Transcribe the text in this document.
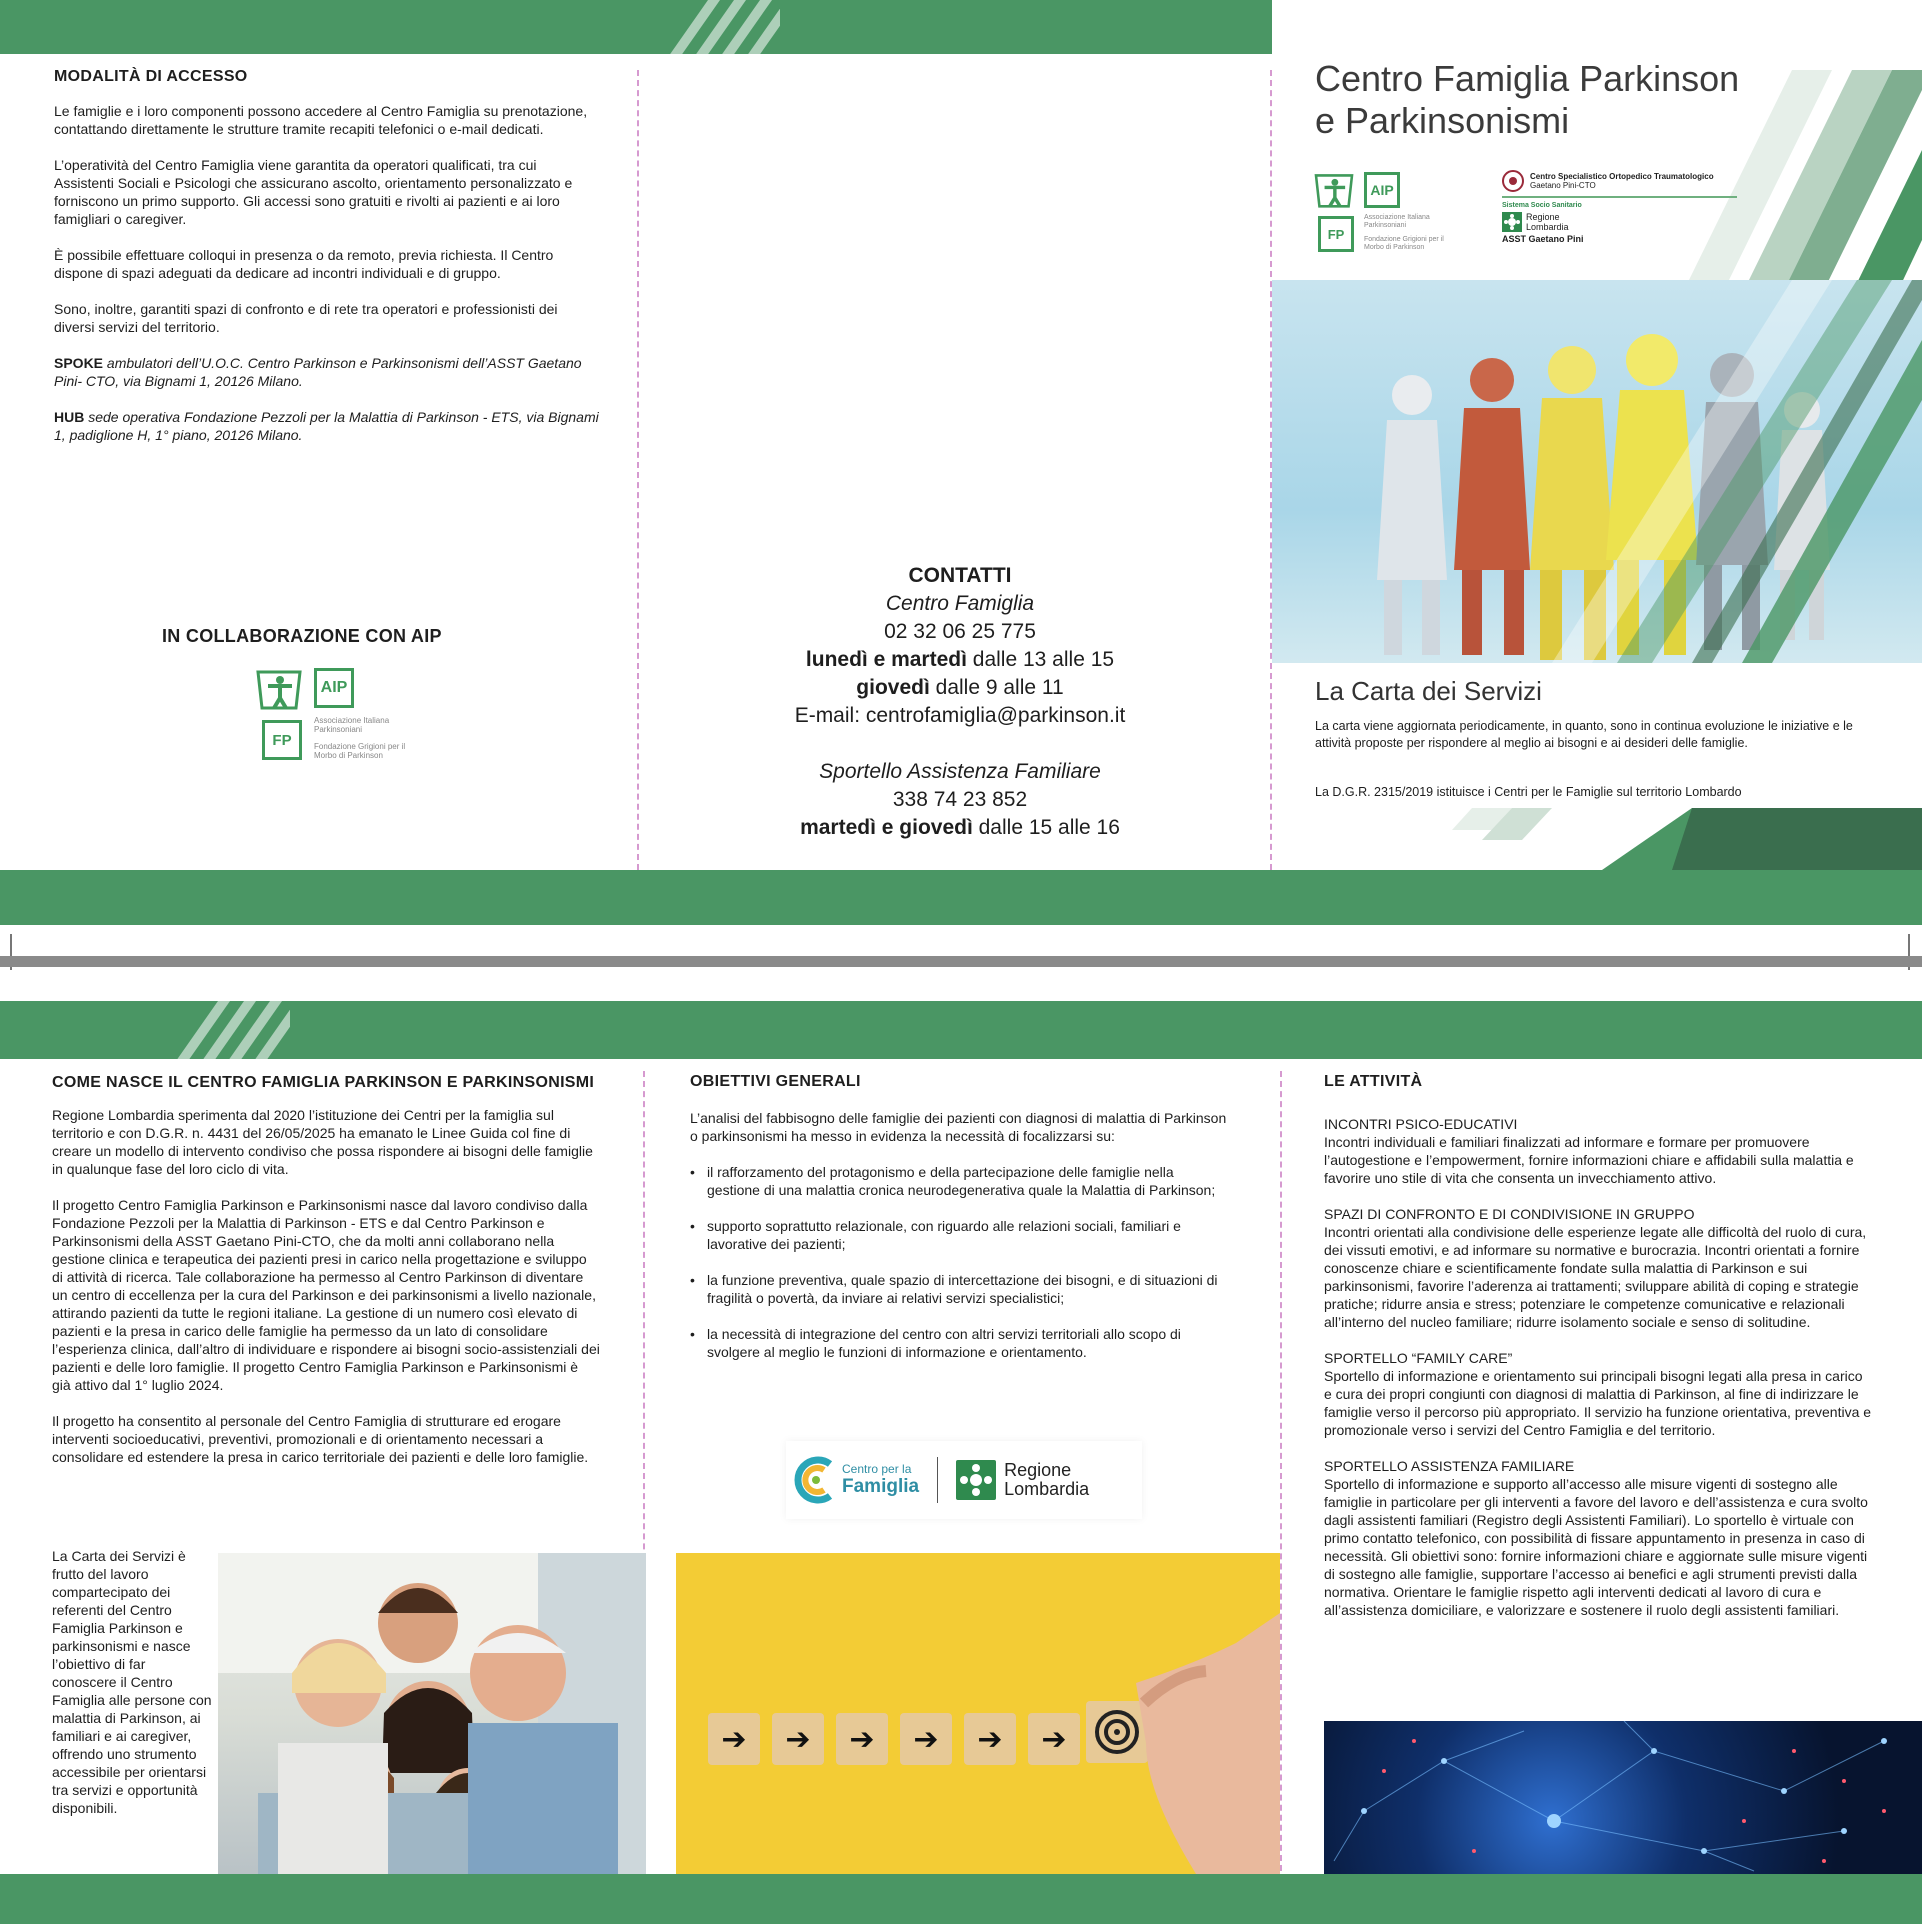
MODALITÀ DI ACCESSO

Le famiglie e i loro componenti possono accedere al Centro Famiglia su prenotazione, contattando direttamente le strutture tramite recapiti telefonici o e-mail dedicati.

L’operatività del Centro Famiglia viene garantita da operatori qualificati, tra cui Assistenti Sociali e Psicologi che assicurano ascolto, orientamento personalizzato e forniscono un primo supporto. Gli accessi sono gratuiti e rivolti ai pazienti e ai loro famigliari o caregiver.

È possibile effettuare colloqui in presenza o da remoto, previa richiesta. Il Centro dispone di spazi adeguati da dedicare ad incontri individuali e di gruppo.

Sono, inoltre, garantiti spazi di confronto e di rete tra operatori e professionisti dei diversi servizi del territorio.

SPOKE ambulatori dell’U.O.C. Centro Parkinson e Parkinsonismi dell’ASST Gaetano Pini- CTO, via Bignami 1, 20126 Milano.

HUB sede operativa Fondazione Pezzoli per la Malattia di Parkinson - ETS, via Bignami 1, padiglione H, 1° piano, 20126 Milano.

IN COLLABORAZIONE CON AIP
AIP
Associazione Italiana Parkinsoniani
FP	Fondazione Grigioni per il Morbo di Parkinson
CONTATTI
Centro Famiglia
02 32 06 25 775
lunedì e martedì dalle 13 alle 15
giovedì dalle 9 alle 11
E-mail: centrofamiglia@parkinson.it
Sportello Assistenza Familiare
338 74 23 852
martedì e giovedì dalle 15 alle 16
Centro Famiglia Parkinson
e Parkinsonismi
AIP
Associazione Italiana Parkinsoniani
FP	Fondazione Grigioni per il Morbo di Parkinson
Centro Specialistico Ortopedico Traumatologico
Gaetano Pini-CTO
Sistema Socio Sanitario
Regione
Lombardia
ASST Gaetano Pini
La Carta dei Servizi
La carta viene aggiornata periodicamente, in quanto, sono in continua evoluzione le iniziative e le attività proposte per rispondere al meglio ai bisogni e ai desideri delle famiglie.
La D.G.R. 2315/2019 istituisce i Centri per le Famiglie sul territorio Lombardo
COME NASCE IL CENTRO FAMIGLIA PARKINSON E PARKINSONISMI

Regione Lombardia sperimenta dal 2020 l’istituzione dei Centri per la famiglia sul territorio e con D.G.R. n. 4431 del 26/05/2025 ha emanato le Linee Guida col fine di creare un modello di intervento condiviso che possa rispondere ai bisogni delle famiglie in qualunque fase del loro ciclo di vita.

Il progetto Centro Famiglia Parkinson e Parkinsonismi nasce dal lavoro condiviso dalla Fondazione Pezzoli per la Malattia di Parkinson - ETS e dal Centro Parkinson e Parkinsonismi della ASST Gaetano Pini-CTO, che da molti anni collaborano nella gestione clinica e terapeutica dei pazienti presi in carico nella progettazione e sviluppo di attività di ricerca. Tale collaborazione ha permesso al Centro Parkinson di diventare un centro di eccellenza per la cura del Parkinson e dei parkinsonismi a livello nazionale, attirando pazienti da tutte le regioni italiane. La gestione di un numero così elevato di pazienti e la presa in carico delle famiglie ha permesso da un lato di consolidare l’esperienza clinica, dall’altro di individuare e rispondere ai bisogni socio-assistenziali dei pazienti e delle loro famiglie. Il progetto Centro Famiglia Parkinson e Parkinsonismi è già attivo dal 1° luglio 2024.

Il progetto ha consentito al personale del Centro Famiglia di strutturare ed erogare interventi socioeducativi, preventivi, promozionali e di orientamento necessari a consolidare ed estendere la presa in carico territoriale dei pazienti e delle loro famiglie.

La Carta dei Servizi è frutto del lavoro compartecipato dei referenti del Centro Famiglia Parkinson e parkinsonismi e nasce l’obiettivo di far conoscere il Centro Famiglia alle persone con malattia di Parkinson, ai familiari e ai caregiver, offrendo uno strumento accessibile per orientarsi tra servizi e opportunità disponibili.
OBIETTIVI GENERALI

L’analisi del fabbisogno delle famiglie dei pazienti con diagnosi di malattia di Parkinson o parkinsonismi ha messo in evidenza la necessità di focalizzarsi su:

• il rafforzamento del protagonismo e della partecipazione delle famiglie nella gestione di una malattia cronica neurodegenerativa quale la Malattia di Parkinson;
• supporto soprattutto relazionale, con riguardo alle relazioni sociali, familiari e lavorative dei pazienti;
• la funzione preventiva, quale spazio di intercettazione dei bisogni, e di situazioni di fragilità o povertà, da inviare ai relativi servizi specialistici;
• la necessità di integrazione del centro con altri servizi territoriali allo scopo di svolgere al meglio le funzioni di informazione e orientamento.
Centro per la
Famiglia
Regione
Lombardia
➔ ➔ ➔ ➔ ➔ ➔
LE ATTIVITÀ
INCONTRI PSICO-EDUCATIVI
Incontri individuali e familiari finalizzati ad informare e formare per promuovere l’autogestione e l’empowerment, fornire informazioni chiare e affidabili sulla malattia e favorire uno stile di vita che consenta un invecchiamento attivo.
SPAZI DI CONFRONTO E DI CONDIVISIONE IN GRUPPO
Incontri orientati alla condivisione delle esperienze legate alle difficoltà del ruolo di cura, dei vissuti emotivi, e ad informare su normative e burocrazia. Incontri orientati a fornire conoscenze chiare e scientificamente fondate sulla malattia di Parkinson e sui parkinsonismi, favorire l’aderenza ai trattamenti; sviluppare abilità di coping e strategie pratiche; ridurre ansia e stress; potenziare le competenze comunicative e relazionali all’interno del nucleo familiare; ridurre isolamento sociale e senso di solitudine.
SPORTELLO “FAMILY CARE”
Sportello di informazione e orientamento sui principali bisogni legati alla presa in carico e cura dei propri congiunti con diagnosi di malattia di Parkinson, al fine di indirizzare le famiglie verso il percorso più appropriato. Il servizio ha funzione orientativa, preventiva e promozionale verso i servizi del Centro Famiglia e del territorio.
SPORTELLO ASSISTENZA FAMILIARE
Sportello di informazione e supporto all’accesso alle misure vigenti di sostegno alle famiglie in particolare per gli interventi a favore del lavoro e dell’assistenza e cura svolto dagli assistenti familiari (Registro degli Assistenti Familiari). Lo sportello è virtuale con primo contatto telefonico, con possibilità di fissare appuntamento in presenza in caso di necessità. Gli obiettivi sono: fornire informazioni chiare e aggiornate sulle misure vigenti di sostegno alle famiglie, supportare l’accesso ai benefici e agli strumenti previsti dalla normativa. Orientare le famiglie rispetto agli interventi dedicati al lavoro di cura e all’assistenza domiciliare, e valorizzare e sostenere il ruolo degli assistenti familiari.
